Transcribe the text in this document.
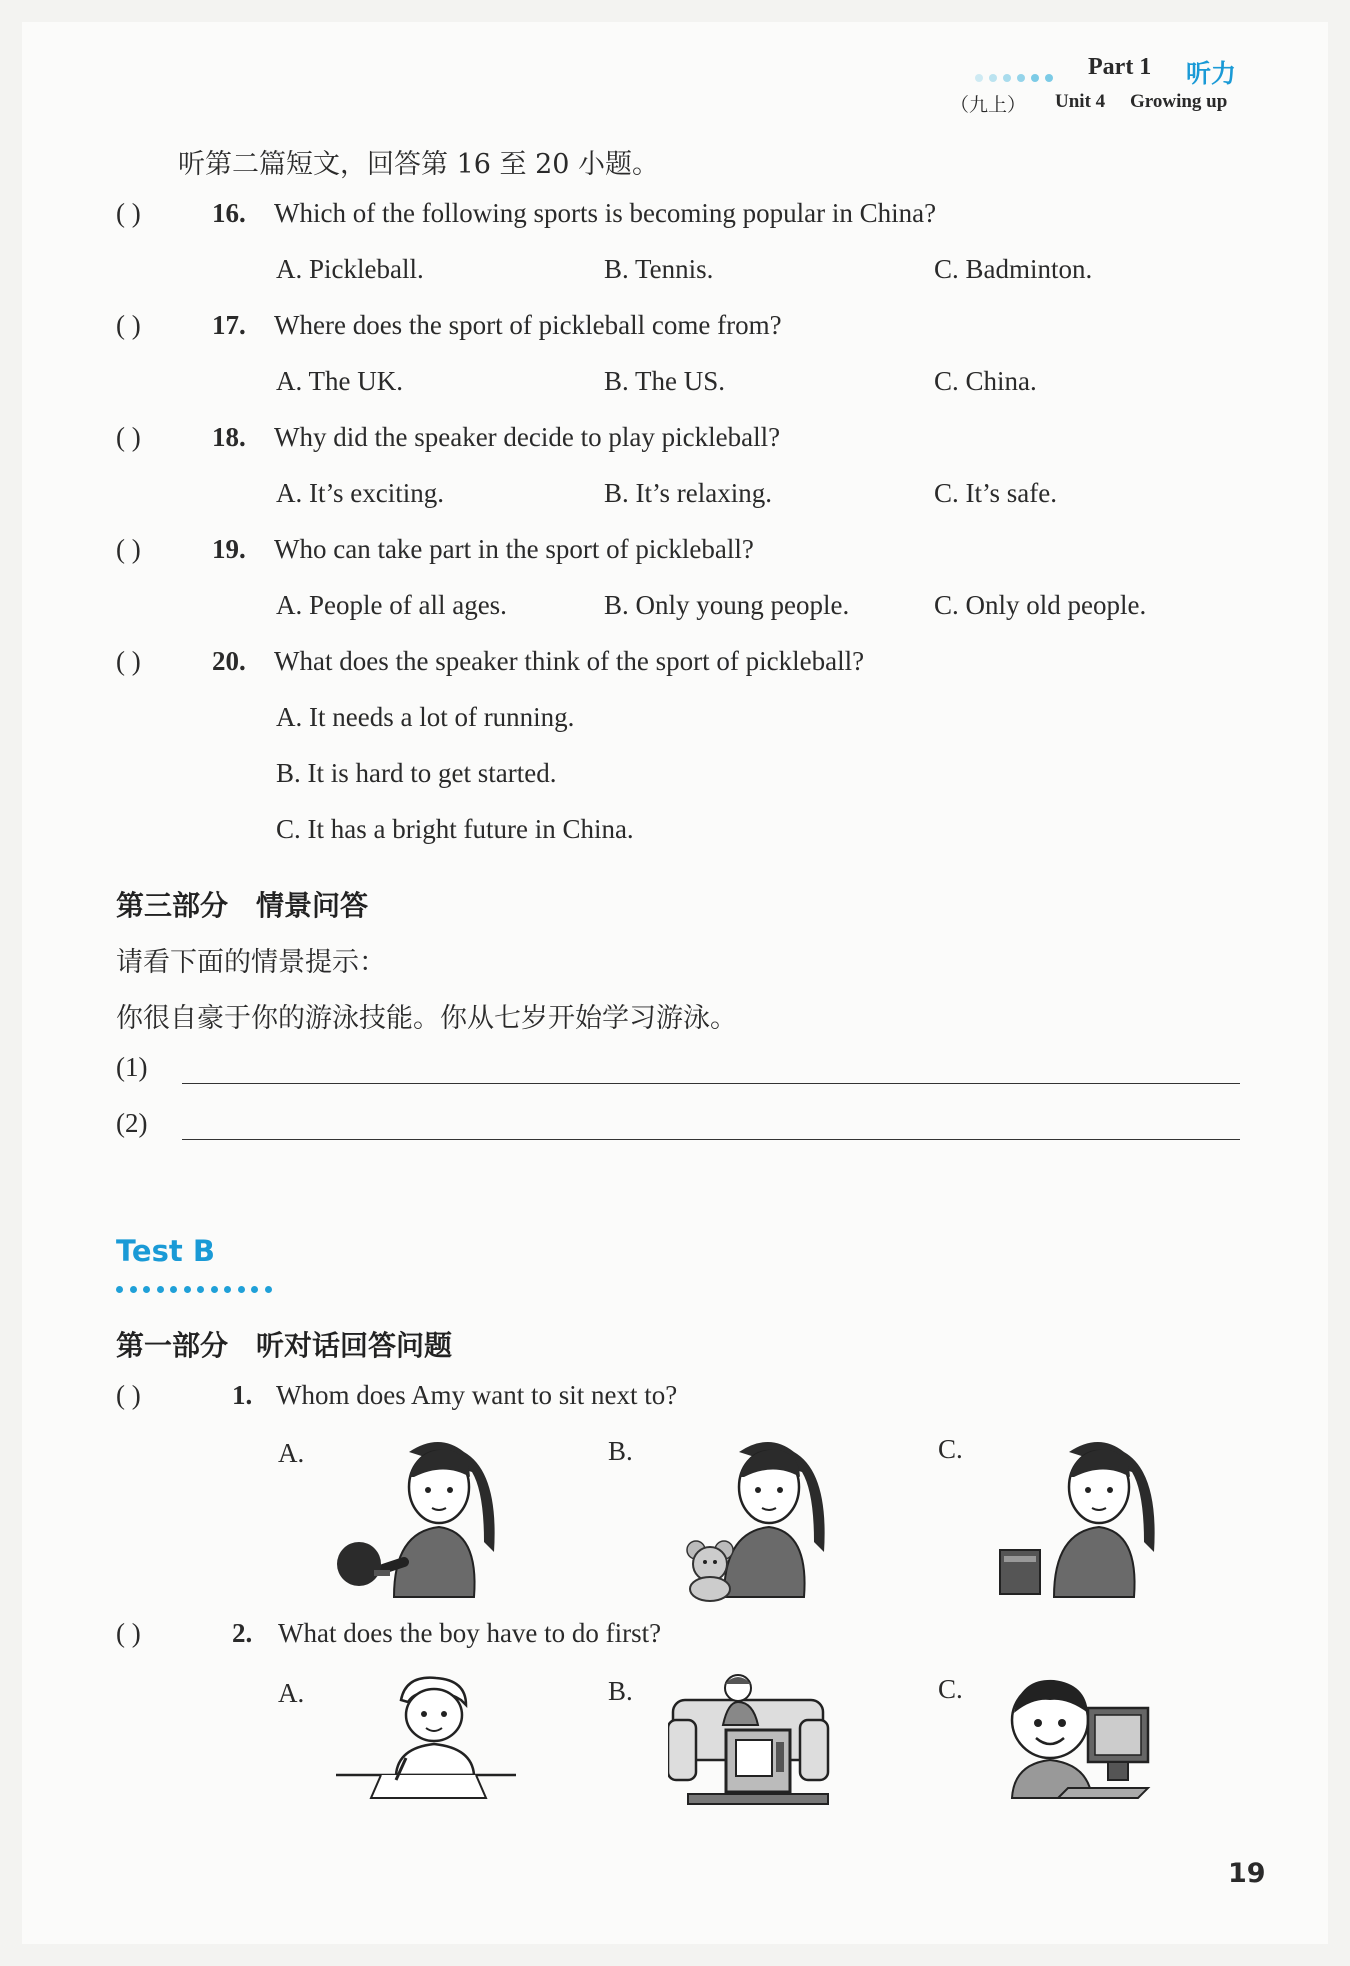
Part 1 听力
（九上） Unit 4 Growing up
听第二篇短文，回答第 16 至 20 小题。
( )	16. Which of the following sports is becoming popular in China?
A. Pickleball.	B. Tennis.	C. Badminton.
( )	17. Where does the sport of pickleball come from?
A. The UK.	B. The US.	C. China.
( )	18. Why did the speaker decide to play pickleball?
A. It’s exciting.	B. It’s relaxing.	C. It’s safe.
( )	19. Who can take part in the sport of pickleball?
A. People of all ages.	B. Only young people.	C. Only old people.
( )	20. What does the speaker think of the sport of pickleball?
A. It needs a lot of running.
B. It is hard to get started.
C. It has a bright future in China.
第三部分　情景问答
请看下面的情景提示：
你很自豪于你的游泳技能。你从七岁开始学习游泳。
(1)
(2)
Test B
第一部分　听对话回答问题
( )	1. Whom does Amy want to sit next to?
A.	B.	C.
( )	2. What does the boy have to do first?
A.	B.	C.
19
